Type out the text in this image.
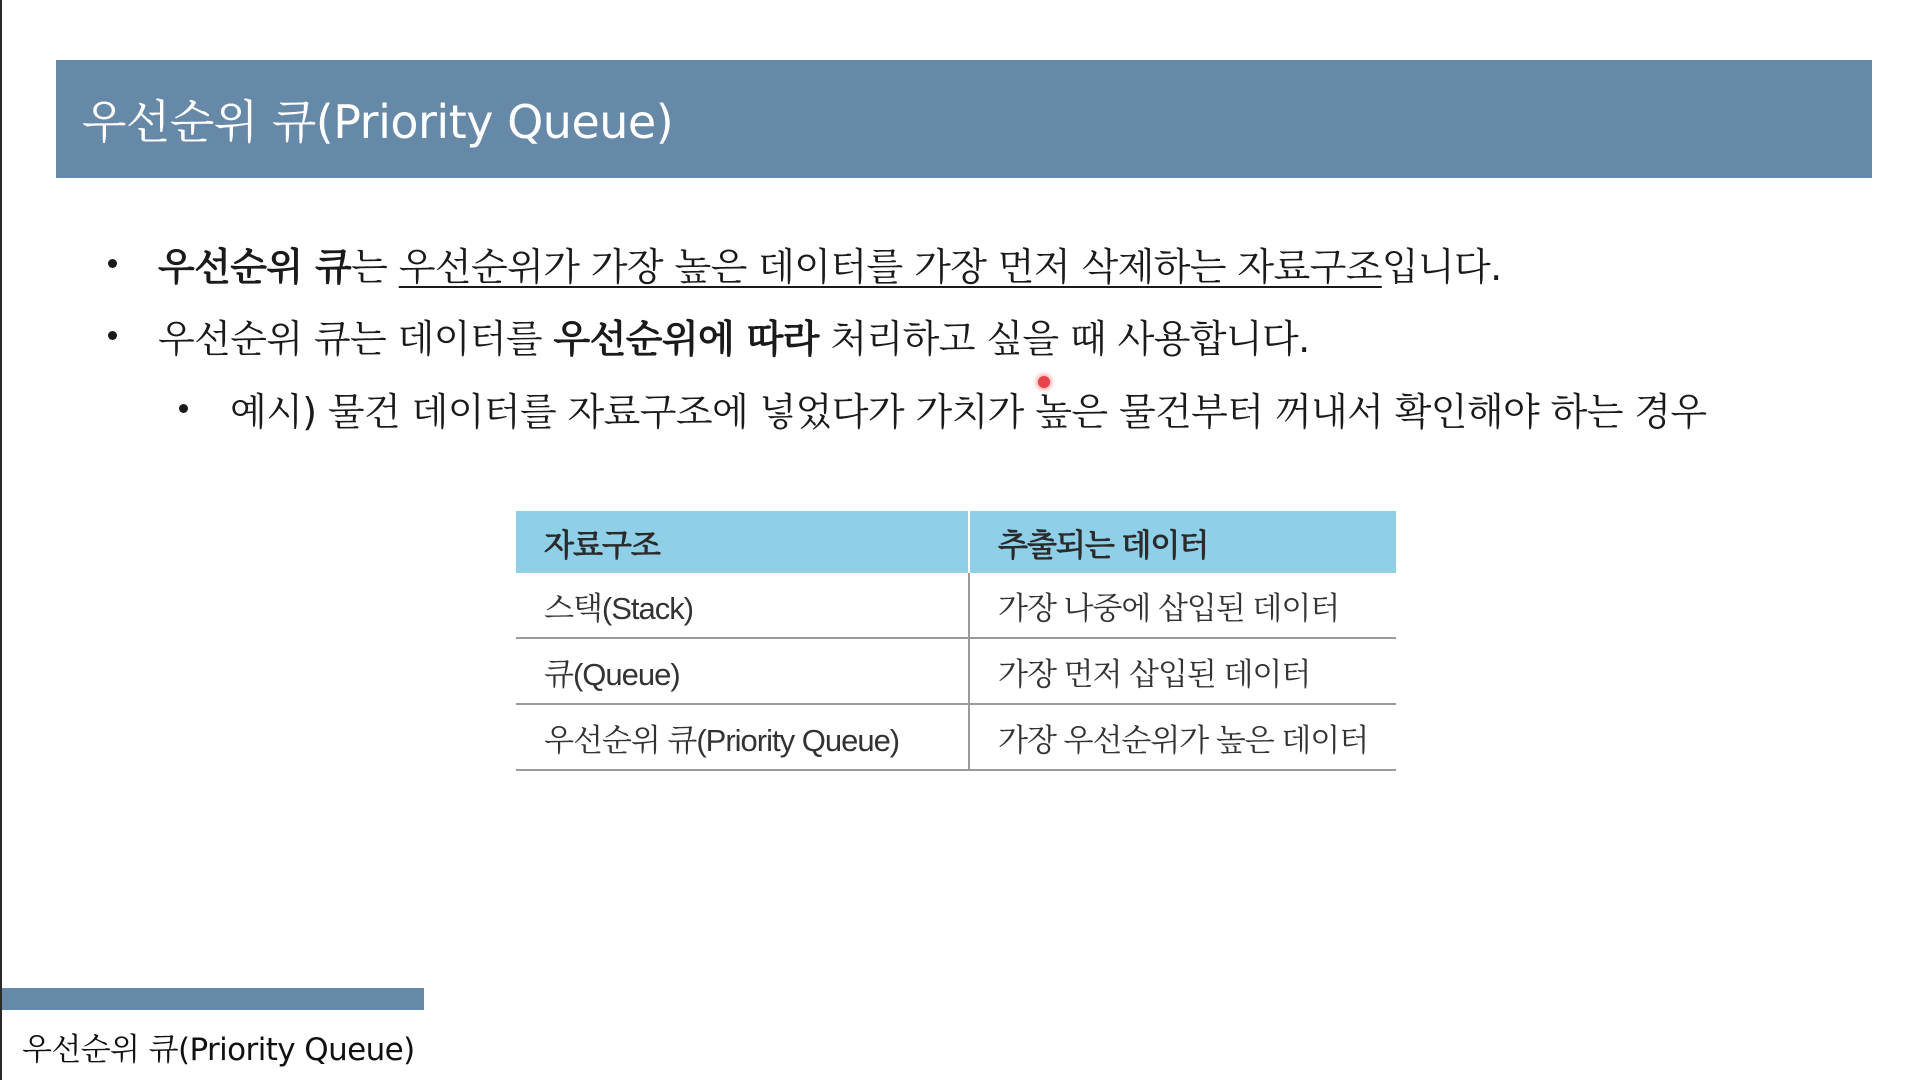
우선순위 큐(Priority Queue)
우선순위 큐 는 우선순위가 가장 높은 데이터를 가장 먼저 삭제하는 자료구조 입니다.
우선순위 큐는 데이터를 우선순위에 따라 처리하고 싶을 때 사용합니다.
예시) 물건 데이터를 자료구조에 넣었다가 가치가 높은 물건부터 꺼내서 확인해야 하는 경우
자료구조	추출되는 데이터
스택(Stack)	가장 나중에 삽입된 데이터
큐(Queue)	가장 먼저 삽입된 데이터
우선순위 큐(Priority Queue)	가장 우선순위가 높은 데이터
우선순위 큐(Priority Queue)
